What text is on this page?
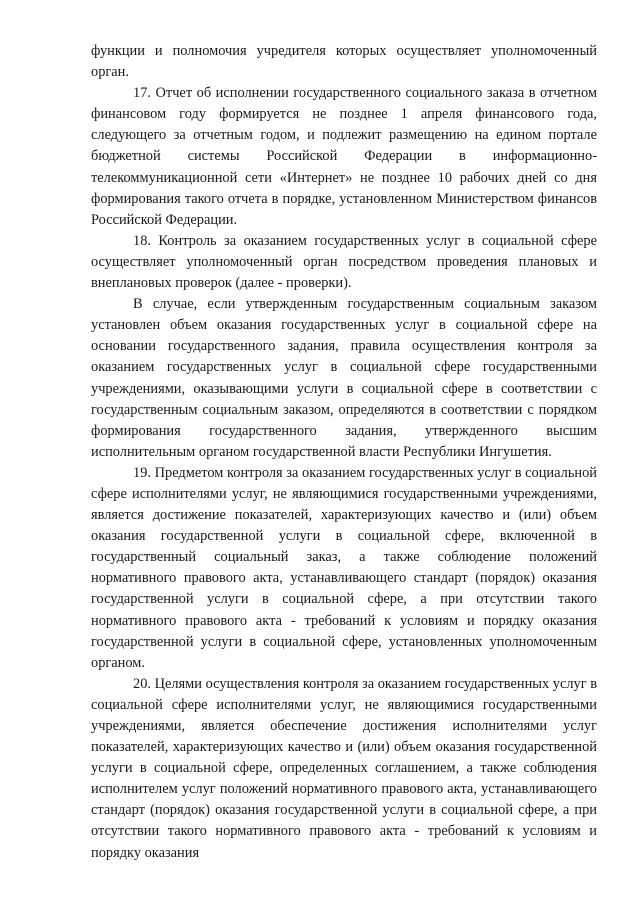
функции и полномочия учредителя которых осуществляет уполномоченный орган.

17. Отчет об исполнении государственного социального заказа в отчетном финансовом году формируется не позднее 1 апреля финансового года, следующего за отчетным годом, и подлежит размещению на едином портале бюджетной системы Российской Федерации в информационно-телекоммуникационной сети «Интернет» не позднее 10 рабочих дней со дня формирования такого отчета в порядке, установленном Министерством финансов Российской Федерации.

18. Контроль за оказанием государственных услуг в социальной сфере осуществляет уполномоченный орган посредством проведения плановых и внеплановых проверок (далее - проверки).

В случае, если утвержденным государственным социальным заказом установлен объем оказания государственных услуг в социальной сфере на основании государственного задания, правила осуществления контроля за оказанием государственных услуг в социальной сфере государственными учреждениями, оказывающими услуги в социальной сфере в соответствии с государственным социальным заказом, определяются в соответствии с порядком формирования государственного задания, утвержденного высшим исполнительным органом государственной власти Республики Ингушетия.

19. Предметом контроля за оказанием государственных услуг в социальной сфере исполнителями услуг, не являющимися государственными учреждениями, является достижение показателей, характеризующих качество и (или) объем оказания государственной услуги в социальной сфере, включенной в государственный социальный заказ, а также соблюдение положений нормативного правового акта, устанавливающего стандарт (порядок) оказания государственной услуги в социальной сфере, а при отсутствии такого нормативного правового акта - требований к условиям и порядку оказания государственной услуги в социальной сфере, установленных уполномоченным органом.

20. Целями осуществления контроля за оказанием государственных услуг в социальной сфере исполнителями услуг, не являющимися государственными учреждениями, является обеспечение достижения исполнителями услуг показателей, характеризующих качество и (или) объем оказания государственной услуги в социальной сфере, определенных соглашением, а также соблюдения исполнителем услуг положений нормативного правового акта, устанавливающего стандарт (порядок) оказания государственной услуги в социальной сфере, а при отсутствии такого нормативного правового акта - требований к условиям и порядку оказания
